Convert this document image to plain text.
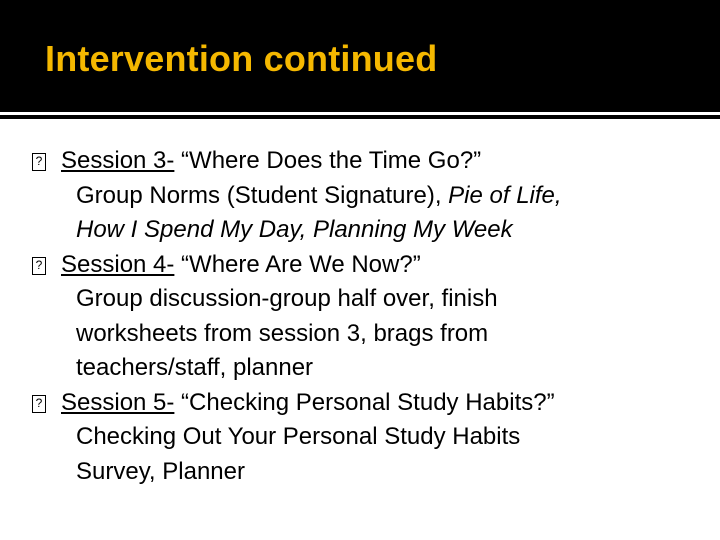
Intervention continued
? Session 3- “Where Does the Time Go?”
Group Norms (Student Signature), Pie of Life,
How I Spend My Day, Planning My Week
? Session 4- “Where Are We Now?”
Group discussion-group half over, finish
worksheets from session 3, brags from
teachers/staff, planner
? Session 5- “Checking Personal Study Habits?”
Checking Out Your Personal Study Habits
Survey, Planner
